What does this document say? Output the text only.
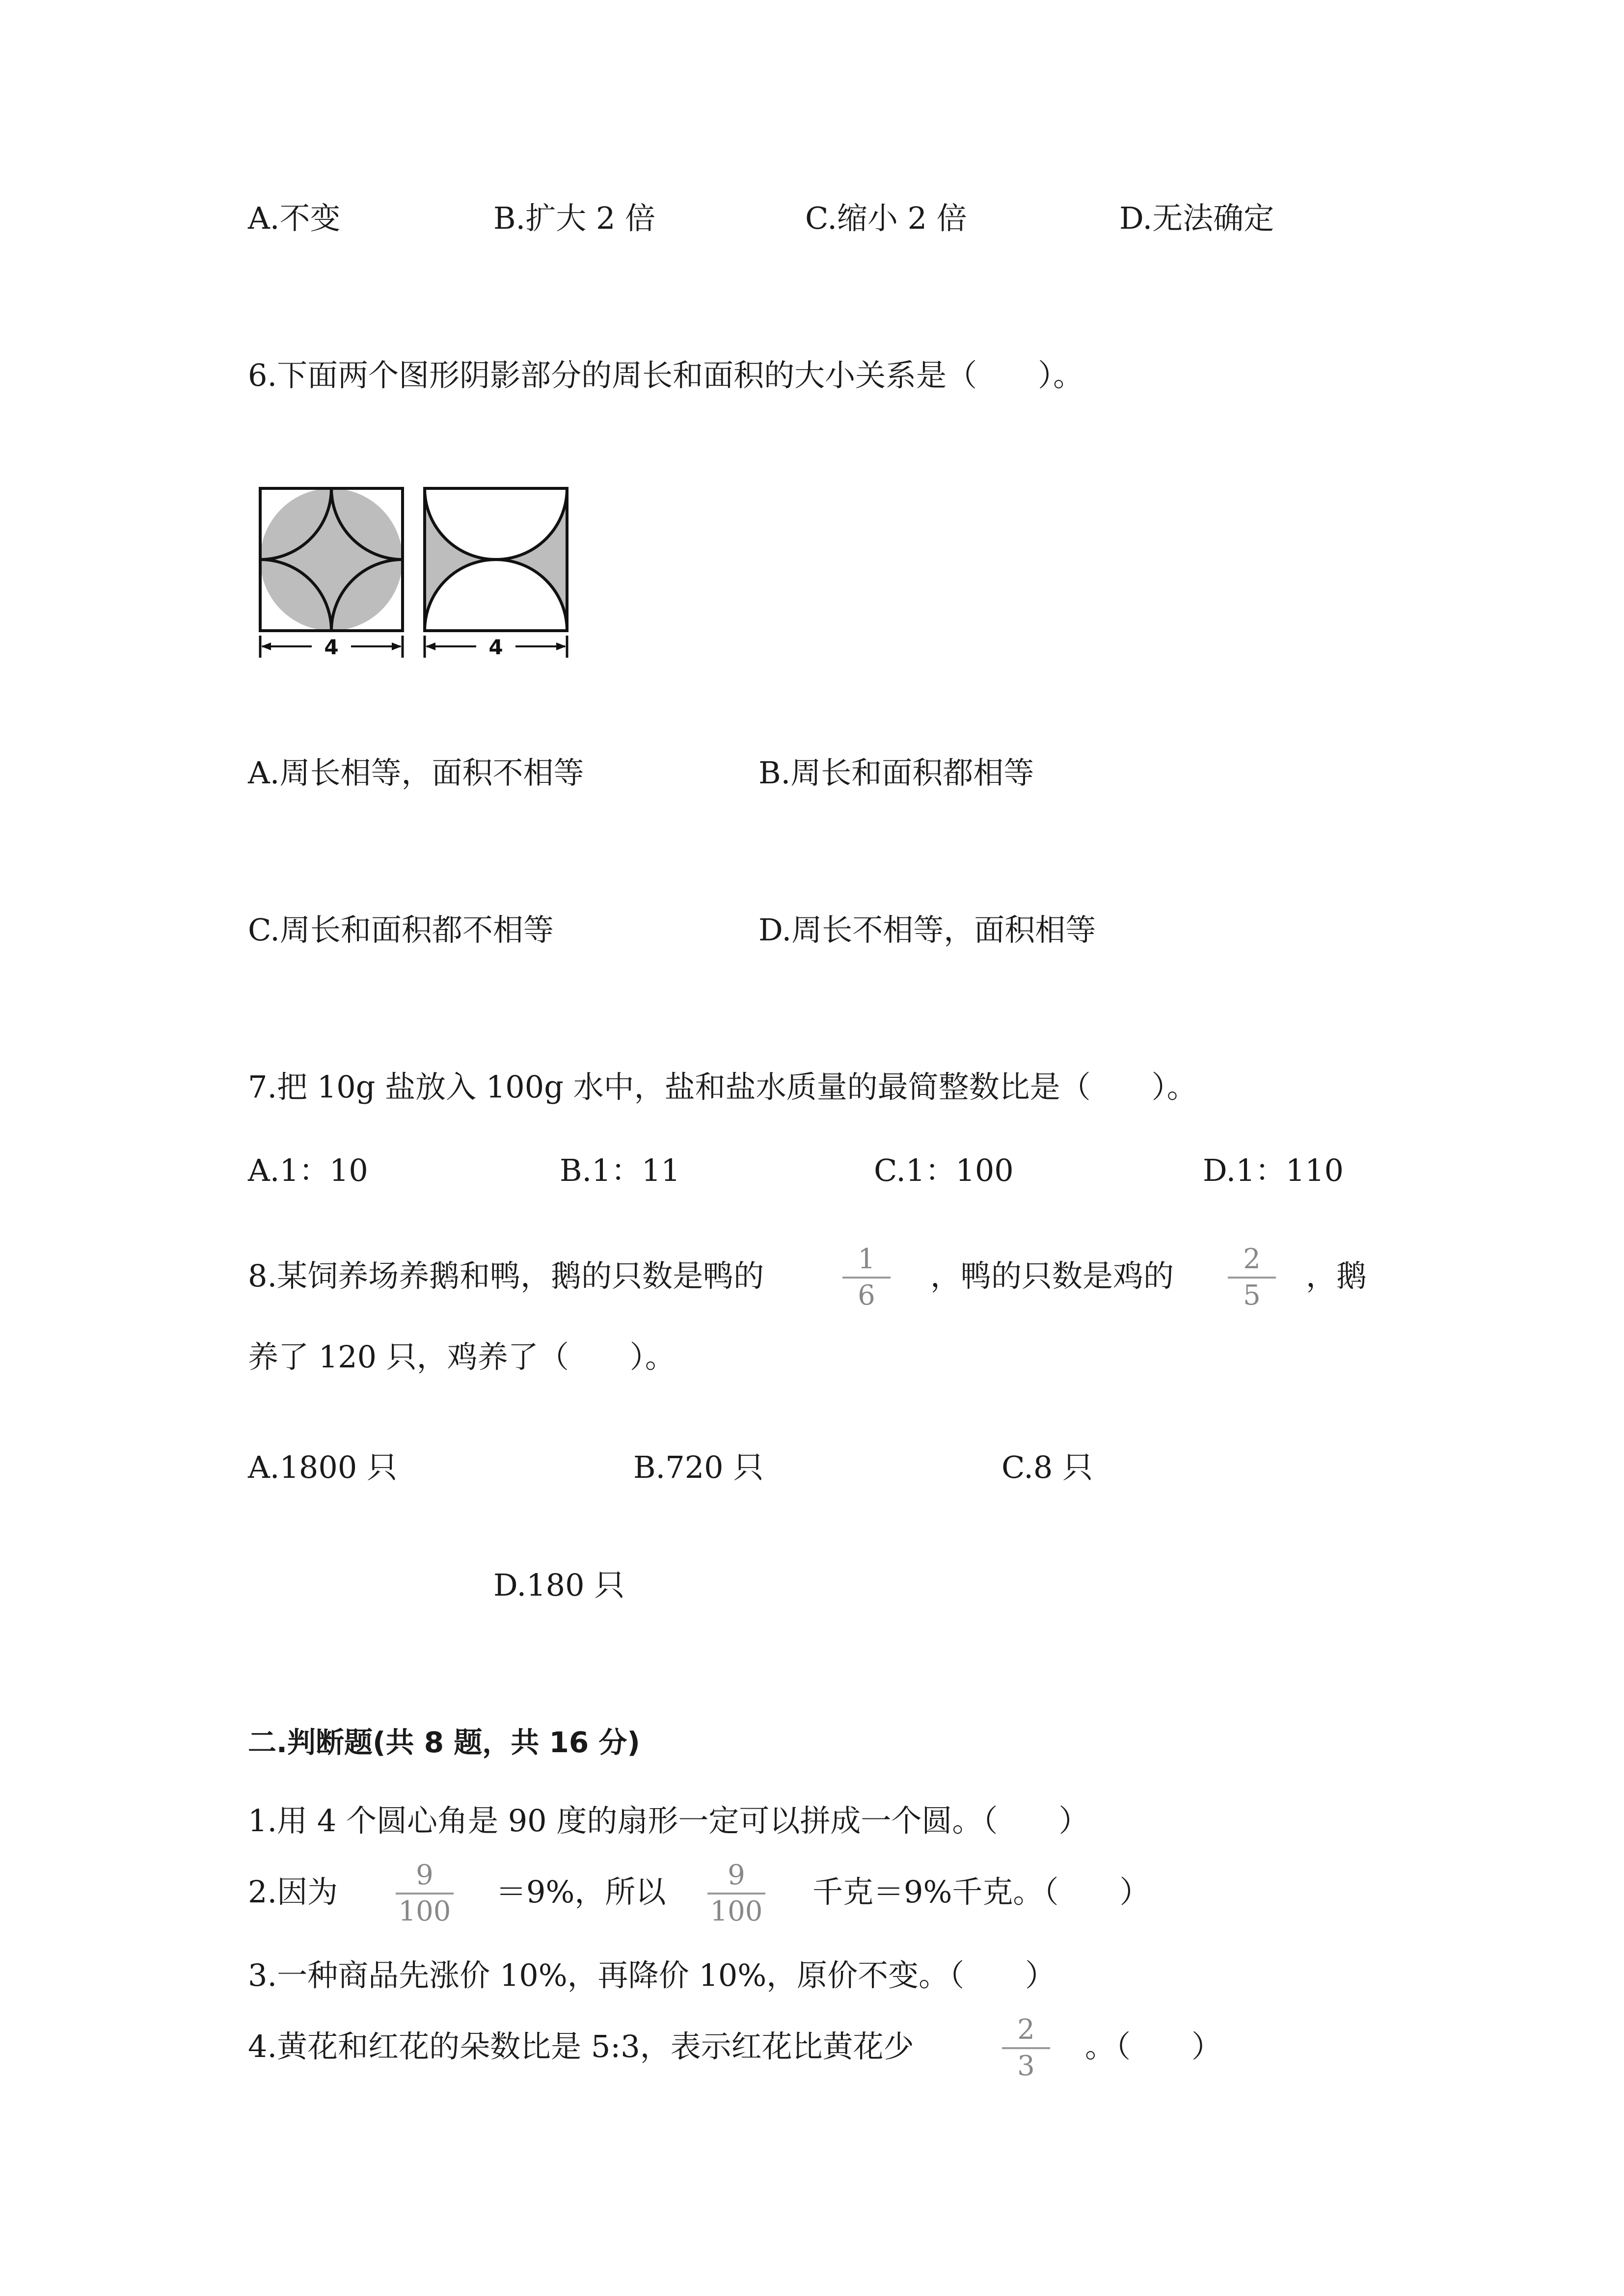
A.不变	B.扩大 2 倍	C.缩小 2 倍	D.无法确定
6.下面两个图形阴影部分的周长和面积的大小关系是（　　）。
4	4
A.周长相等，面积不相等	B.周长和面积都相等
C.周长和面积都不相等	D.周长不相等，面积相等
7.把 10g 盐放入 100g 水中，盐和盐水质量的最简整数比是（　　）。
A.1：10	B.1：11	C.1：100	D.1：110
8.某饲养场养鹅和鸭，鹅的只数是鸭的	1
6
，鸭的只数是鸡的	2
5
，鹅
养了 120 只，鸡养了（　　）。
A.1800 只	B.720 只	C.8 只
D.180 只
二.判断题(共 8 题，共 16 分)
1.用 4 个圆心角是 90 度的扇形一定可以拼成一个圆。（　　）
2.因为	9
100
＝9%，所以	9
100
千克＝9%千克。（　　）
3.一种商品先涨价 10%，再降价 10%，原价不变。（　　）
4.黄花和红花的朵数比是 5:3，表示红花比黄花少	2
3
。（　　）
